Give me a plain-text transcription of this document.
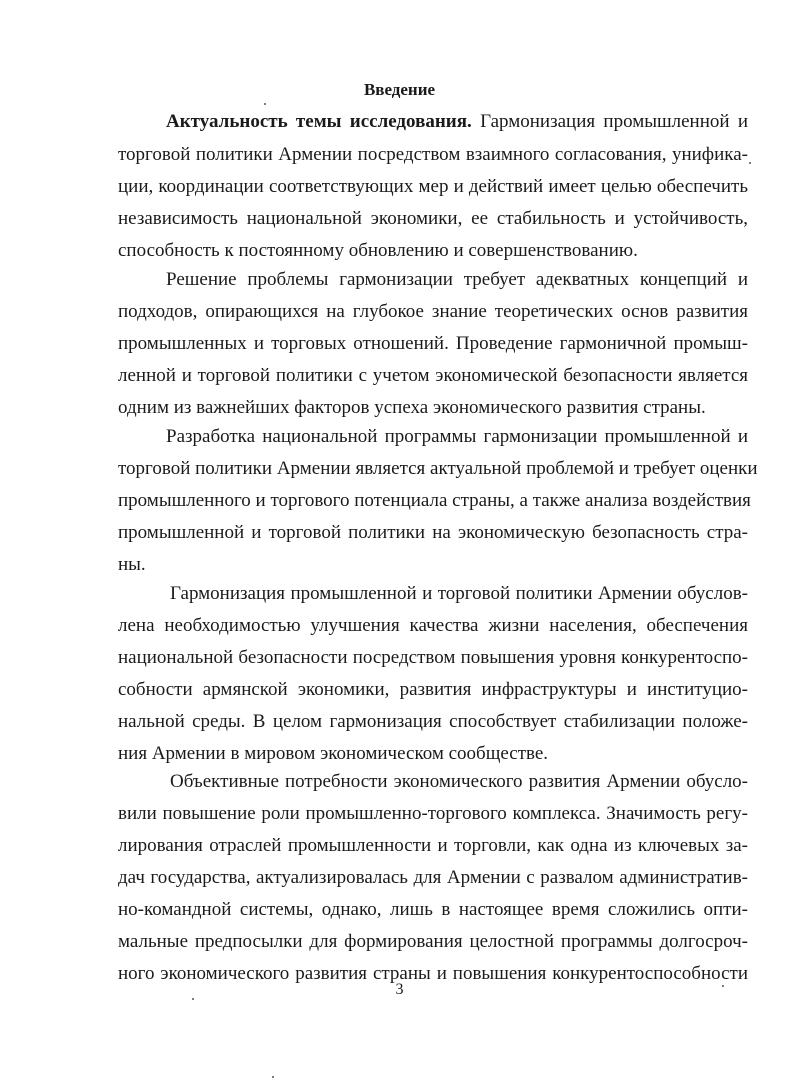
Введение
Актуальность темы исследования. Гармонизация промышленной и
торговой политики Армении посредством взаимного согласования, унифика-
ции, координации соответствующих мер и действий имеет целью обеспечить
независимость национальной экономики, ее стабильность и устойчивость,
способность к постоянному обновлению и совершенствованию.
Решение проблемы гармонизации требует адекватных концепций и
подходов, опирающихся на глубокое знание теоретических основ развития
промышленных и торговых отношений. Проведение гармоничной промыш-
ленной и торговой политики с учетом экономической безопасности является
одним из важнейших факторов успеха экономического развития страны.
Разработка национальной программы гармонизации промышленной и
торговой политики Армении является актуальной проблемой и требует оценки
промышленного и торгового потенциала страны, а также анализа воздействия
промышленной и торговой политики на экономическую безопасность стра-
ны.
Гармонизация промышленной и торговой политики Армении обуслов-
лена необходимостью улучшения качества жизни населения, обеспечения
национальной безопасности посредством повышения уровня конкурентоспо-
собности армянской экономики, развития инфраструктуры и институцио-
нальной среды. В целом гармонизация способствует стабилизации положе-
ния Армении в мировом экономическом сообществе.
Объективные потребности экономического развития Армении обусло-
вили повышение роли промышленно-торгового комплекса. Значимость регу-
лирования отраслей промышленности и торговли, как одна из ключевых за-
дач государства, актуализировалась для Армении с развалом административ-
но-командной системы, однако, лишь в настоящее время сложились опти-
мальные предпосылки для формирования целостной программы долгосроч-
ного экономического развития страны и повышения конкурентоспособности
3
